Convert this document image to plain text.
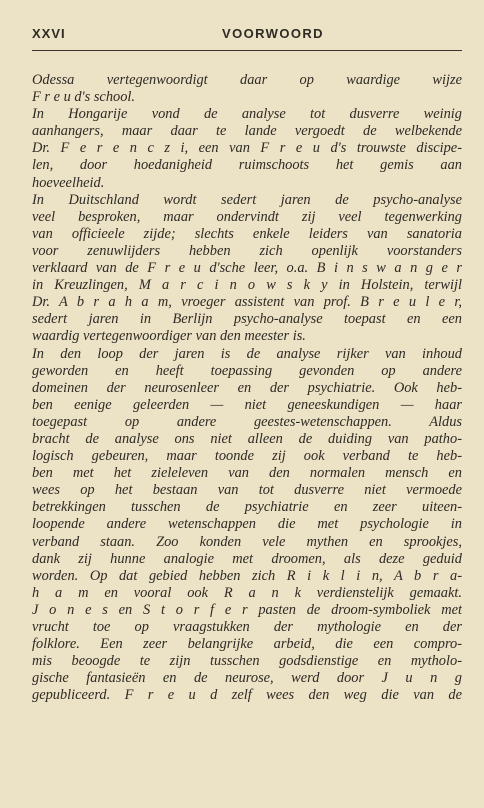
XXVI	VOORWOORD
Odessa vertegenwoordigt daar op waardige wijze
F r e u d's school.
In Hongarije vond de analyse tot dusverre weinig
aanhangers, maar daar te lande vergoedt de welbekende
Dr. F e r e n c z i, een van F r e u d's trouwste discipe-
len, door hoedanigheid ruimschoots het gemis aan
hoeveelheid.
In Duitschland wordt sedert jaren de psycho-analyse
veel besproken, maar ondervindt zij veel tegenwerking
van officieele zijde; slechts enkele leiders van sanatoria
voor zenuwlijders hebben zich openlijk voorstanders
verklaard van de F r e u d'sche leer, o.a. B i n s w a n g e r
in Kreuzlingen, M a r c i n o w s k y in Holstein, terwijl
Dr. A b r a h a m, vroeger assistent van prof. B r e u l e r,
sedert jaren in Berlijn psycho-analyse toepast en een
waardig vertegenwoordiger van den meester is.
In den loop der jaren is de analyse rijker van inhoud
geworden en heeft toepassing gevonden op andere
domeinen der neurosenleer en der psychiatrie. Ook heb-
ben eenige geleerden — niet geneeskundigen — haar
toegepast op andere geestes-wetenschappen. Aldus
bracht de analyse ons niet alleen de duiding van patho-
logisch gebeuren, maar toonde zij ook verband te heb-
ben met het zieleleven van den normalen mensch en
wees op het bestaan van tot dusverre niet vermoede
betrekkingen tusschen de psychiatrie en zeer uiteen-
loopende andere wetenschappen die met psychologie in
verband staan. Zoo konden vele mythen en sprookjes,
dank zij hunne analogie met droomen, als deze geduid
worden. Op dat gebied hebben zich R i k l i n, A b r a-
h a m en vooral ook R a n k verdienstelijk gemaakt.
J o n e s en S t o r f e r pasten de droom-symboliek met
vrucht toe op vraagstukken der mythologie en der
folklore. Een zeer belangrijke arbeid, die een compro-
mis beoogde te zijn tusschen godsdienstige en mytholo-
gische fantasieën en de neurose, werd door J u n g
gepubliceerd. F r e u d zelf wees den weg die van de
